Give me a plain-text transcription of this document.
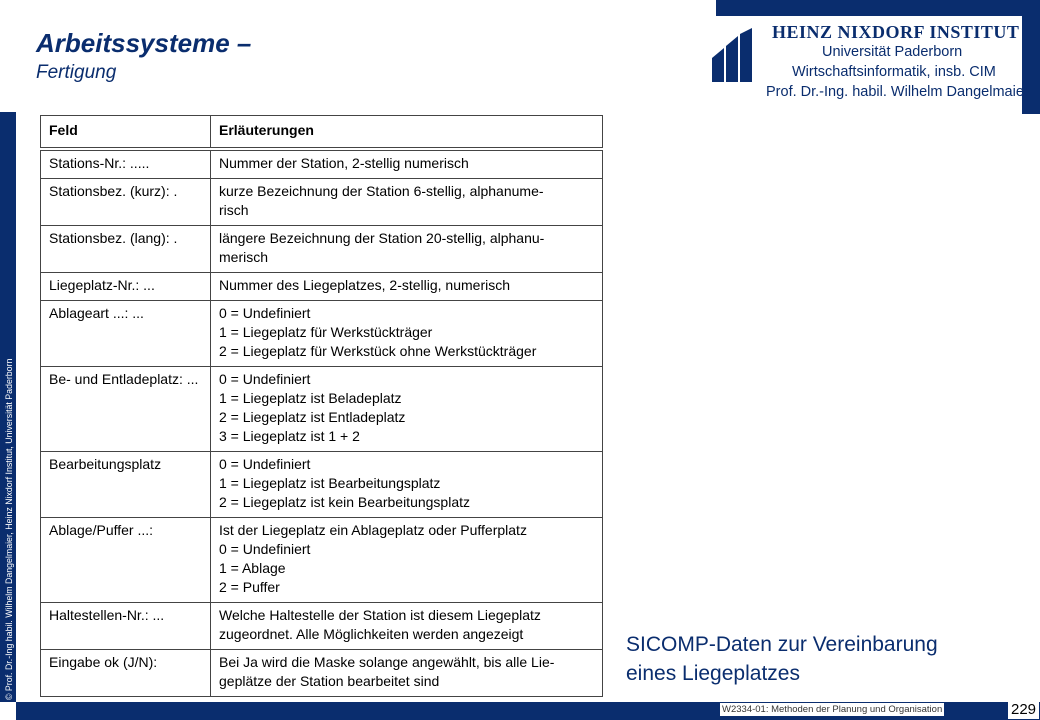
© Prof. Dr.-Ing habil. Wilhelm Dangelmaier, Heinz Nixdorf Institut, Universität Paderborn
W2334-01: Methoden der Planung und Organisation	229
Arbeitssysteme –
Fertigung
HEINZ NIXDORF INSTITUT
Universität Paderborn
Wirtschaftsinformatik, insb. CIM
Prof. Dr.-Ing. habil. Wilhelm Dangelmaier
Feld	Erläuterungen
Stations-Nr.: .....	Nummer der Station, 2-stellig numerisch

Stationsbez. (kurz): .	kurze Bezeichnung der Station 6-stellig, alphanume-
risch

Stationsbez. (lang): .	längere Bezeichnung der Station 20-stellig, alphanu-
merisch

Liegeplatz-Nr.: ...	Nummer des Liegeplatzes, 2-stellig, numerisch

Ablageart ...: ...	0 = Undefiniert
1 = Liegeplatz für Werkstückträger
2 = Liegeplatz für Werkstück ohne Werkstückträger

Be- und Entladeplatz: ...	0 = Undefiniert
1 = Liegeplatz ist Beladeplatz
2 = Liegeplatz ist Entladeplatz
3 = Liegeplatz ist 1 + 2

Bearbeitungsplatz	0 = Undefiniert
1 = Liegeplatz ist Bearbeitungsplatz
2 = Liegeplatz ist kein Bearbeitungsplatz

Ablage/Puffer ...:	Ist der Liegeplatz ein Ablageplatz oder Pufferplatz
0 = Undefiniert
1 = Ablage
2 = Puffer

Haltestellen-Nr.: ...	Welche Haltestelle der Station ist diesem Liegeplatz
zugeordnet. Alle Möglichkeiten werden angezeigt

Eingabe ok (J/N):	Bei Ja wird die Maske solange angewählt, bis alle Lie-
geplätze der Station bearbeitet sind
SICOMP-Daten zur Vereinbarung
eines Liegeplatzes
